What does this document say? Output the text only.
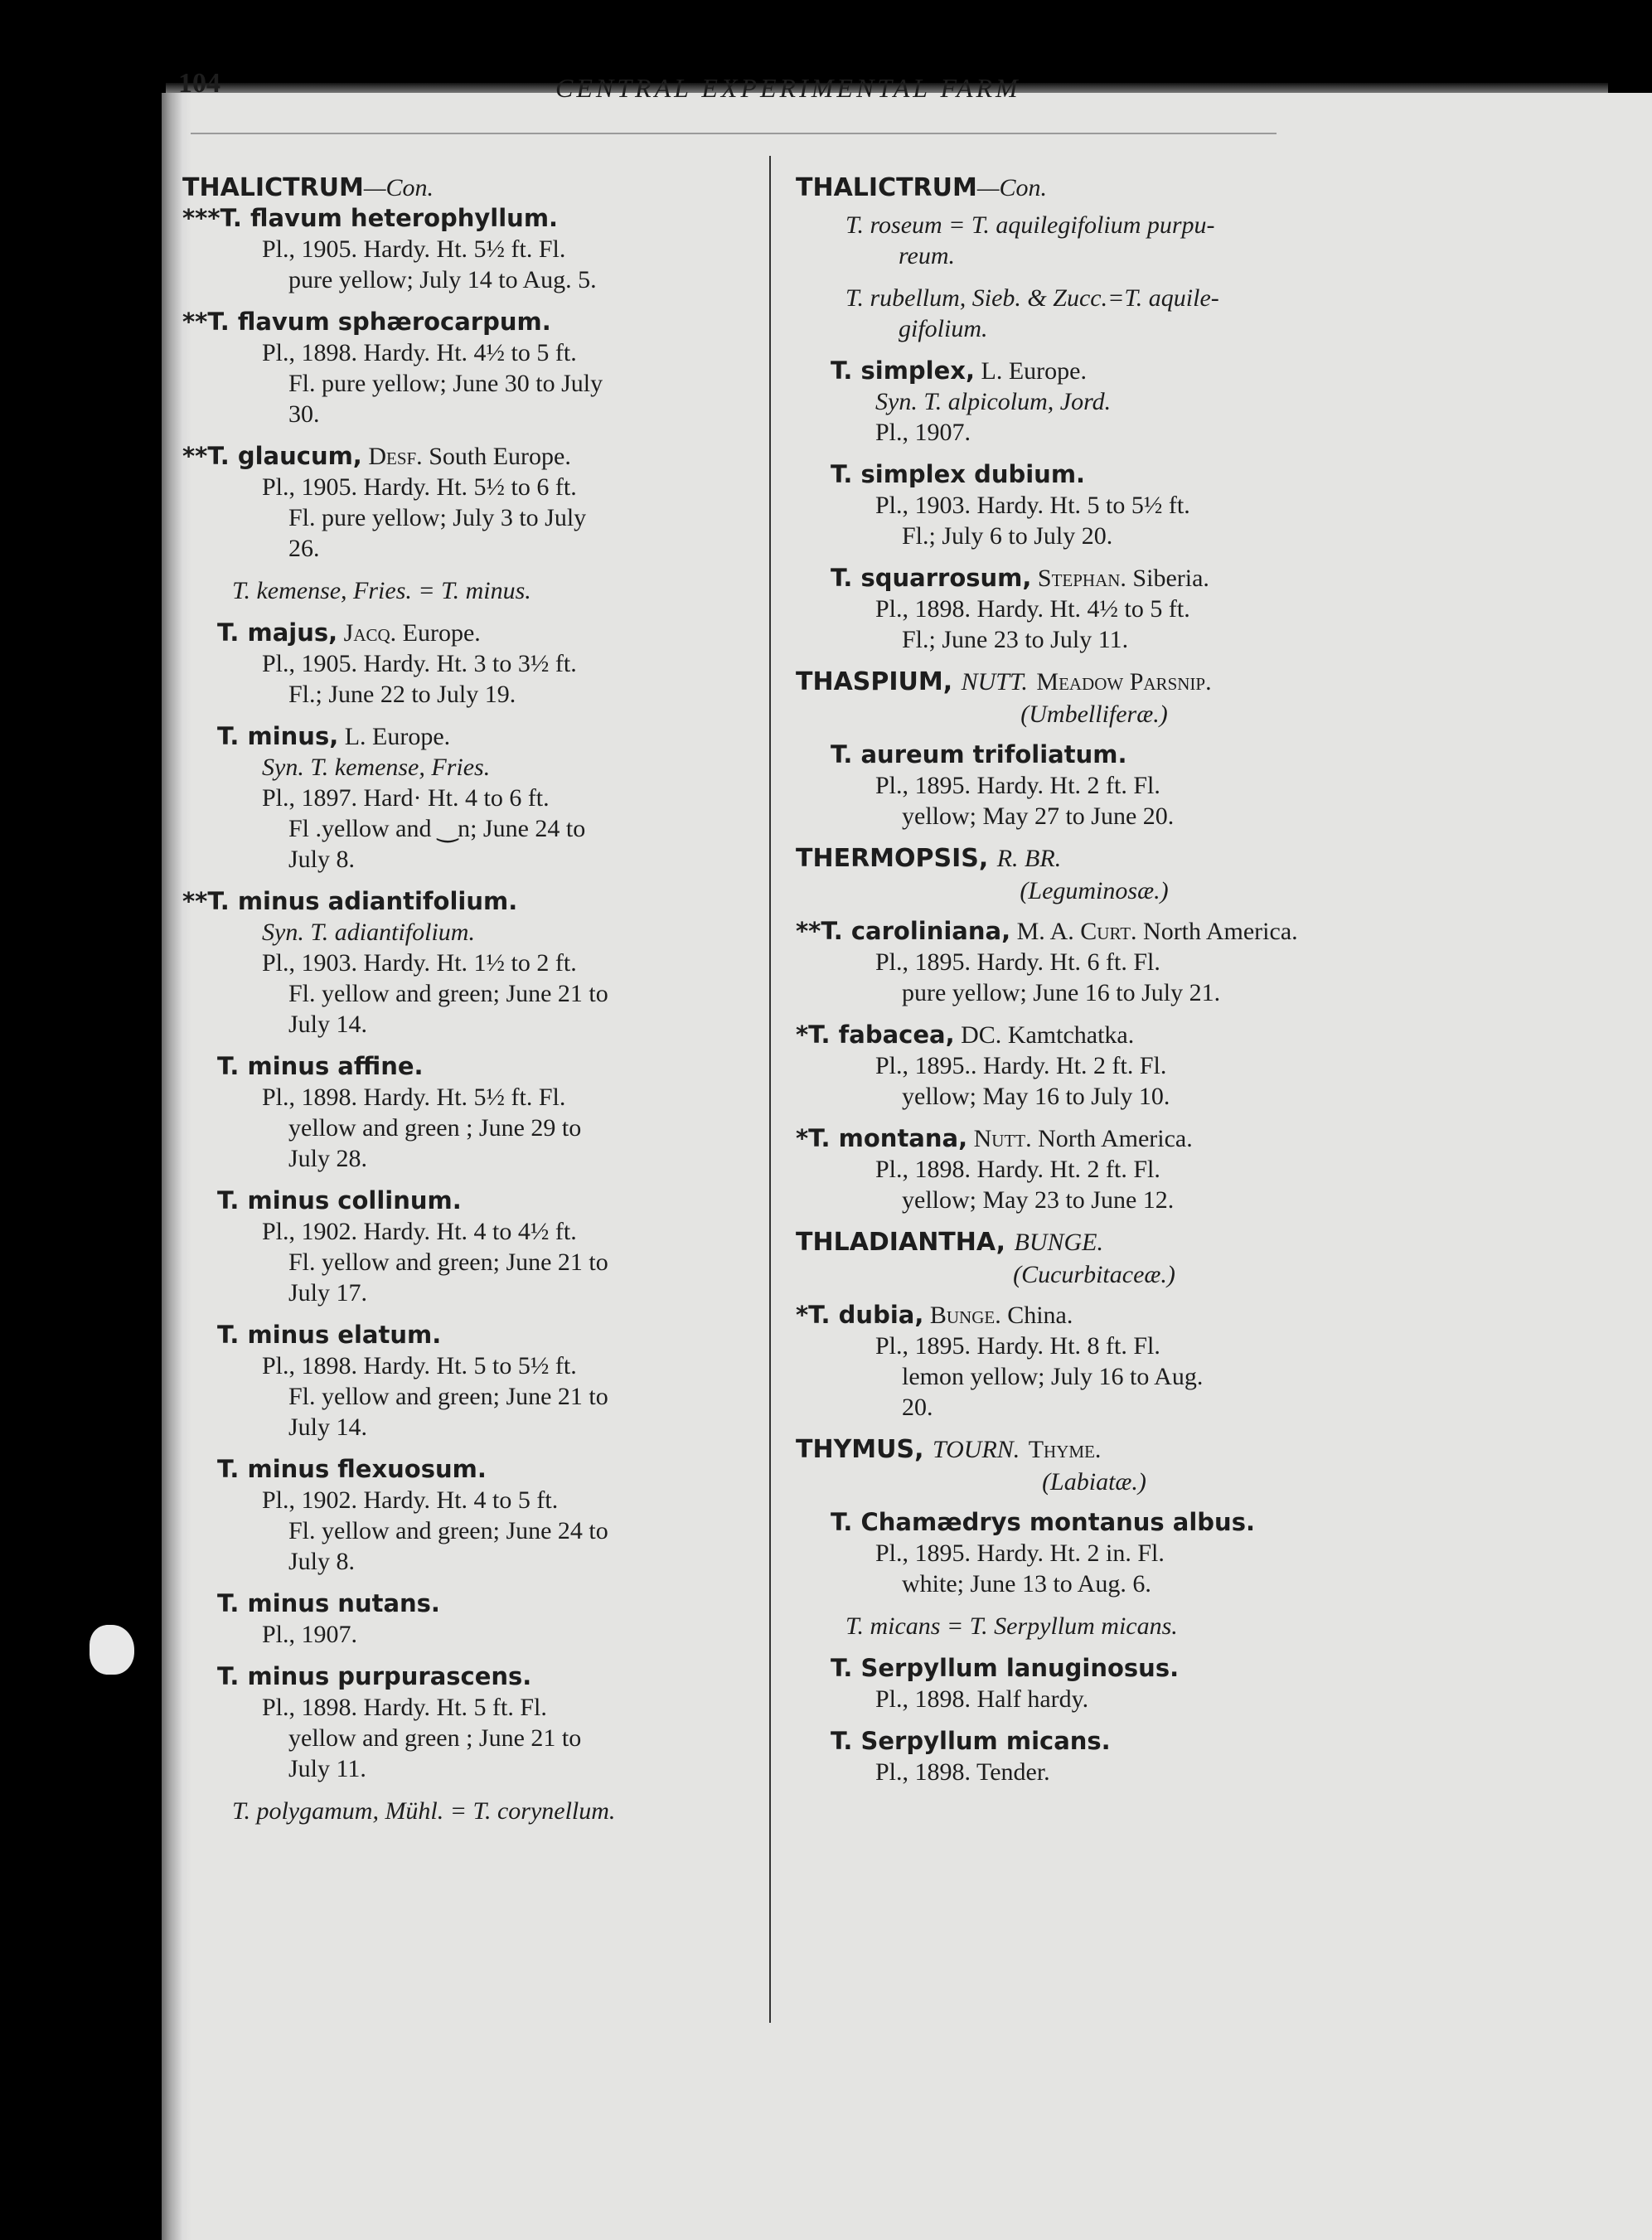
104	CENTRAL EXPERIMENTAL FARM
THALICTRUM—Con.
***T. flavum heterophyllum.
Pl., 1905. Hardy. Ht. 5½ ft. Fl.
pure yellow; July 14 to Aug. 5.
**T. flavum sphærocarpum.
Pl., 1898. Hardy. Ht. 4½ to 5 ft.
Fl. pure yellow; June 30 to July
30.
**T. glaucum, Desf. South Europe.
Pl., 1905. Hardy. Ht. 5½ to 6 ft.
Fl. pure yellow; July 3 to July
26.
T. kemense, Fries. = T. minus.
T. majus, Jacq. Europe.
Pl., 1905. Hardy. Ht. 3 to 3½ ft.
Fl.; June 22 to July 19.
T. minus, L. Europe.
Syn. T. kemense, Fries.
Pl., 1897. Hard· Ht. 4 to 6 ft.
Fl .yellow and ‿n; June 24 to
July 8.
**T. minus adiantifolium.
Syn. T. adiantifolium.
Pl., 1903. Hardy. Ht. 1½ to 2 ft.
Fl. yellow and green; June 21 to
July 14.
T. minus affine.
Pl., 1898. Hardy. Ht. 5½ ft. Fl.
yellow and green ; June 29 to
July 28.
T. minus collinum.
Pl., 1902. Hardy. Ht. 4 to 4½ ft.
Fl. yellow and green; June 21 to
July 17.
T. minus elatum.
Pl., 1898. Hardy. Ht. 5 to 5½ ft.
Fl. yellow and green; June 21 to
July 14.
T. minus flexuosum.
Pl., 1902. Hardy. Ht. 4 to 5 ft.
Fl. yellow and green; June 24 to
July 8.
T. minus nutans.
Pl., 1907.
T. minus purpurascens.
Pl., 1898. Hardy. Ht. 5 ft. Fl.
yellow and green ; June 21 to
July 11.
T. polygamum, Mühl. = T. corynellum.
THALICTRUM—Con.
T. roseum = T. aquilegifolium purpu-
reum.
T. rubellum, Sieb. & Zucc.=T. aquile-
gifolium.
T. simplex, L. Europe.
Syn. T. alpicolum, Jord.
Pl., 1907.
T. simplex dubium.
Pl., 1903. Hardy. Ht. 5 to 5½ ft.
Fl.; July 6 to July 20.
T. squarrosum, Stephan. Siberia.
Pl., 1898. Hardy. Ht. 4½ to 5 ft.
Fl.; June 23 to July 11.
THASPIUM, NUTT. Meadow Parsnip.
(Umbelliferæ.)
T. aureum trifoliatum.
Pl., 1895. Hardy. Ht. 2 ft. Fl.
yellow; May 27 to June 20.
THERMOPSIS, R. BR.
(Leguminosæ.)
**T. caroliniana, M. A. Curt. North America.
Pl., 1895. Hardy. Ht. 6 ft. Fl.
pure yellow; June 16 to July 21.
*T. fabacea, DC. Kamtchatka.
Pl., 1895.. Hardy. Ht. 2 ft. Fl.
yellow; May 16 to July 10.
*T. montana, Nutt. North America.
Pl., 1898. Hardy. Ht. 2 ft. Fl.
yellow; May 23 to June 12.
THLADIANTHA, BUNGE.
(Cucurbitaceæ.)
*T. dubia, Bunge. China.
Pl., 1895. Hardy. Ht. 8 ft. Fl.
lemon yellow; July 16 to Aug.
20.
THYMUS, TOURN. Thyme.
(Labiatæ.)
T. Chamædrys montanus albus.
Pl., 1895. Hardy. Ht. 2 in. Fl.
white; June 13 to Aug. 6.
T. micans = T. Serpyllum micans.
T. Serpyllum lanuginosus.
Pl., 1898. Half hardy.
T. Serpyllum micans.
Pl., 1898. Tender.
